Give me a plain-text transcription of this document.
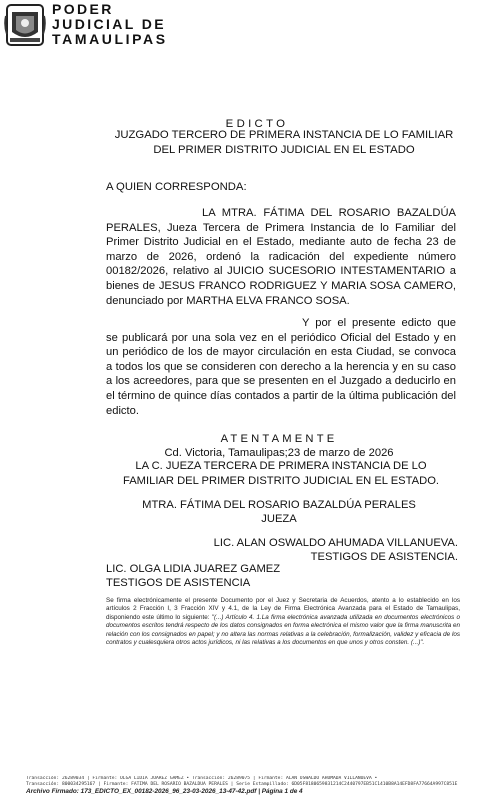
PODER
JUDICIAL DE
TAMAULIPAS
EDICTO
JUZGADO TERCERO DE PRIMERA INSTANCIA DE LO FAMILIAR
DEL PRIMER DISTRITO JUDICIAL EN EL ESTADO
A QUIEN CORRESPONDA:
LA MTRA. FÁTIMA DEL ROSARIO BAZALDÚA PERALES, Jueza Tercera de Primera Instancia de lo Familiar del Primer Distrito Judicial en el Estado, mediante auto de fecha 23 de marzo de 2026, ordenó la radicación del expediente número 00182/2026, relativo al JUICIO SUCESORIO INTESTAMENTARIO a bienes de JESUS FRANCO RODRIGUEZ Y MARIA SOSA CAMERO, denunciado por MARTHA ELVA FRANCO SOSA.
Y por el presente edicto que se publicará por una sola vez en el periódico Oficial del Estado y en un periódico de los de mayor circulación en esta Ciudad, se convoca a todos los que se consideren con derecho a la herencia y en su caso a los acreedores, para que se presenten en el Juzgado a deducirlo en el término de quince días contados a partir de la última publicación del edicto.
ATENTAMENTE
Cd. Victoria, Tamaulipas;23 de marzo de 2026
LA C. JUEZA TERCERA DE PRIMERA INSTANCIA DE LO
FAMILIAR DEL PRIMER DISTRITO JUDICIAL EN EL ESTADO.
MTRA. FÁTIMA DEL ROSARIO BAZALDÚA PERALES
JUEZA
LIC. ALAN OSWALDO AHUMADA VILLANUEVA.
TESTIGOS DE ASISTENCIA.
LIC. OLGA LIDIA JUAREZ GAMEZ
TESTIGOS DE ASISTENCIA
Se firma electrónicamente el presente Documento por el Juez y Secretaria de Acuerdos, atento a lo establecido en los artículos 2 Fracción I, 3 Fracción XIV y 4.1, de la Ley de Firma Electrónica Avanzada para el Estado de Tamaulipas, disponiendo este último lo siguiente: "(...) Artículo 4. 1.La firma electrónica avanzada utilizada en documentos electrónicos o documentos escritos tendrá respecto de los datos consignados en forma electrónica el mismo valor que la firma manuscrita en relación con los consignados en papel; y no altera las normas relativas a la celebración, formalización, validez y eficacia de los contratos y cualesquiera otros actos jurídicos, ni las relativas a los documentos en que unos y otros consten. (...)".
Transacción: 26289034 | Firmante: OLGA LIDIA JUAREZ GAMEZ • Transacción: 26289075 | Firmante: ALAN OSWALDO AHUMADA VILLANUEVA •
Transacción: 800034295167 | Firmante: FATIMA DEL ROSARIO BAZALDUA PERALES | Serie Estampillado: 6D05F8180659831214C2440797EB51C1410B8A14EFD8FA77664A997C851E
Archivo Firmado: 173_EDICTO_EX_00182-2026_96_23-03-2026_13-47-42.pdf | Página 1 de 4
